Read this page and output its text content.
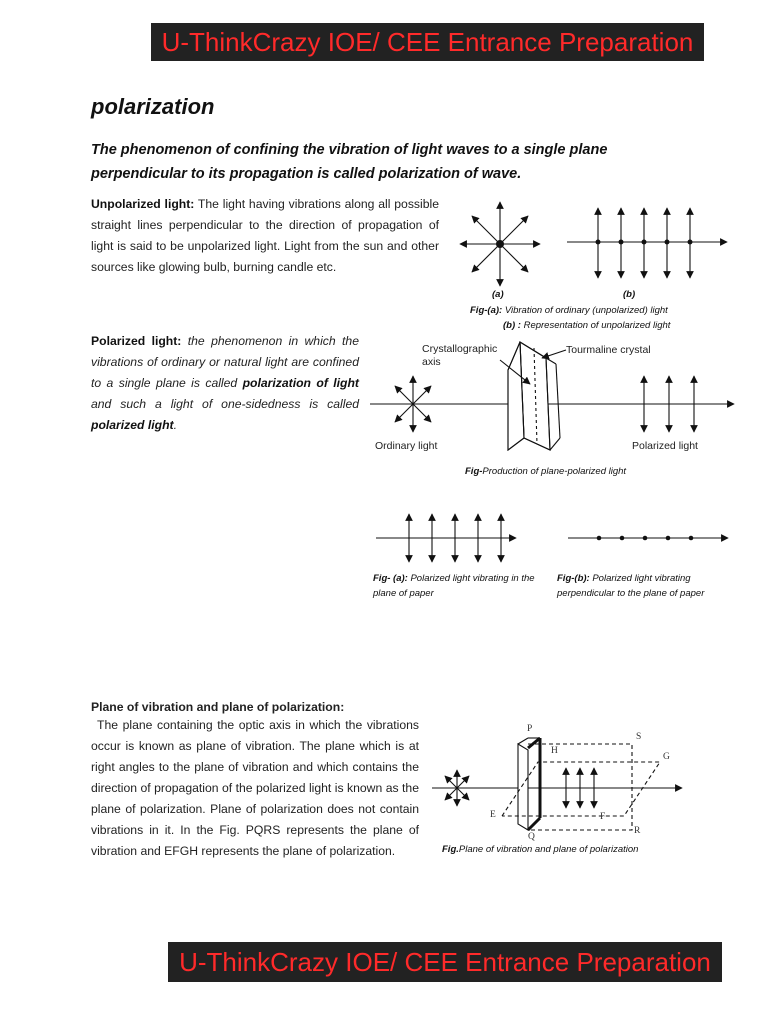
U-ThinkCrazy IOE/ CEE Entrance Preparation
polarization
The phenomenon of confining the vibration of light waves to a single plane perpendicular to its propagation is called polarization of wave.
Unpolarized light: The light having vibrations along all possible straight lines perpendicular to the direction of propagation of light is said to be unpolarized light. Light from the sun and other sources like glowing bulb, burning candle etc.
(a)	(b)
Fig-(a): Vibration of ordinary (unpolarized) light
(b) : Representation of unpolarized light
Polarized light: the phenomenon in which the vibrations of ordinary or natural light are confined to a single plane is called polarization of light and such a light of one-sidedness is called polarized light.
Crystallographic axis
Tourmaline crystal
Ordinary light	Polarized light
Fig-Production of plane-polarized light
Fig- (a): Polarized light vibrating in the plane of paper
Fig-(b): Polarized light vibrating perpendicular to the plane of paper
Plane of vibration and plane of polarization:
The plane containing the optic axis in which the vibrations occur is known as plane of vibration. The plane which is at right angles to the plane of vibration and which contains the direction of propagation of the polarized light is known as the plane of polarization. Plane of polarization does not contain vibrations in it. In the Fig. PQRS represents the plane of vibration and EFGH represents the plane of polarization.
P
Q
R
S
E	F
G
H
Fig.Plane of vibration and plane of polarization
U-ThinkCrazy IOE/ CEE Entrance Preparation
